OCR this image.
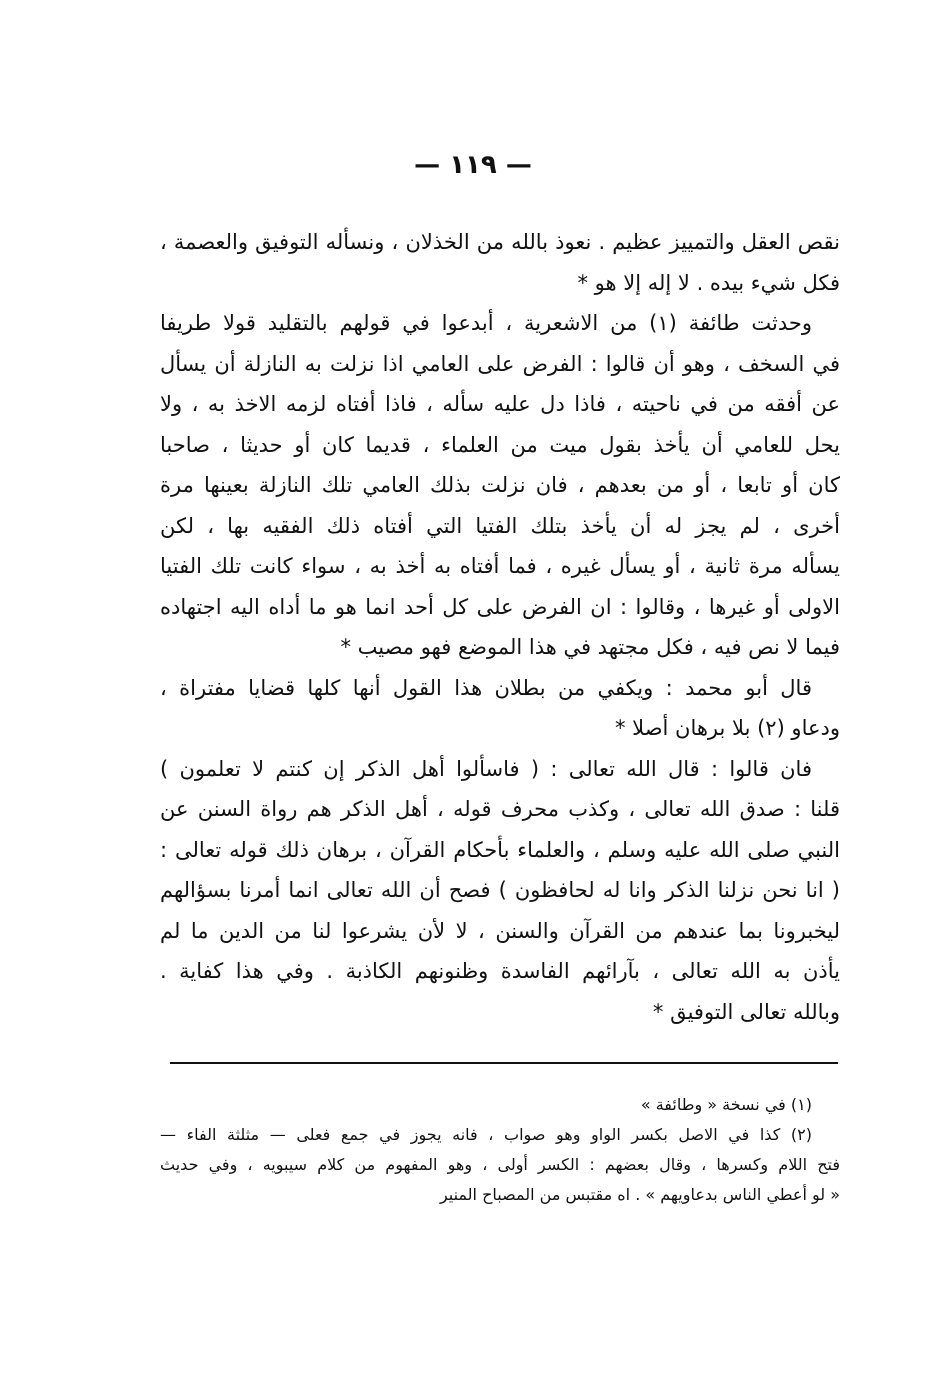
— ١١٩ —
نقص العقل والتمييز عظيم . نعوذ بالله من الخذلان ، ونسأله التوفيق والعصمة ،
فكل شيء بيده . لا إله إلا هو *
وحدثت طائفة (١) من الاشعرية ، أبدعوا في قولهم بالتقليد قولا طريفا
في السخف ، وهو أن قالوا : الفرض على العامي اذا نزلت به النازلة أن يسأل
عن أفقه من في ناحيته ، فاذا دل عليه سأله ، فاذا أفتاه لزمه الاخذ به ، ولا
يحل للعامي أن يأخذ بقول ميت من العلماء ، قديما كان أو حديثا ، صاحبا
كان أو تابعا ، أو من بعدهم ، فان نزلت بذلك العامي تلك النازلة بعينها مرة
أخرى ، لم يجز له أن يأخذ بتلك الفتيا التي أفتاه ذلك الفقيه بها ، لكن
يسأله مرة ثانية ، أو يسأل غيره ، فما أفتاه به أخذ به ، سواء كانت تلك الفتيا
الاولى أو غيرها ، وقالوا : ان الفرض على كل أحد انما هو ما أداه اليه اجتهاده
فيما لا نص فيه ، فكل مجتهد في هذا الموضع فهو مصيب *
قال أبو محمد : ويكفي من بطلان هذا القول أنها كلها قضايا مفتراة ،
ودعاو (٢) بلا برهان أصلا *
فان قالوا : قال الله تعالى : ( فاسألوا أهل الذكر إن كنتم لا تعلمون )
قلنا : صدق الله تعالى ، وكذب محرف قوله ، أهل الذكر هم رواة السنن عن
النبي صلى الله عليه وسلم ، والعلماء بأحكام القرآن ، برهان ذلك قوله تعالى :
( انا نحن نزلنا الذكر وانا له لحافظون ) فصح أن الله تعالى انما أمرنا بسؤالهم
ليخبرونا بما عندهم من القرآن والسنن ، لا لأن يشرعوا لنا من الدين ما لم
يأذن به الله تعالى ، بآرائهم الفاسدة وظنونهم الكاذبة . وفي هذا كفاية .
وبالله تعالى التوفيق *
(١) في نسخة « وطائفة »
(٢) كذا في الاصل بكسر الواو وهو صواب ، فانه يجوز في جمع فعلى — مثلثة الفاء —
فتح اللام وكسرها ، وقال بعضهم : الكسر أولى ، وهو المفهوم من كلام سيبويه ، وفي حديث
« لو أعطي الناس بدعاويهم » . اه مقتبس من المصباح المنير
